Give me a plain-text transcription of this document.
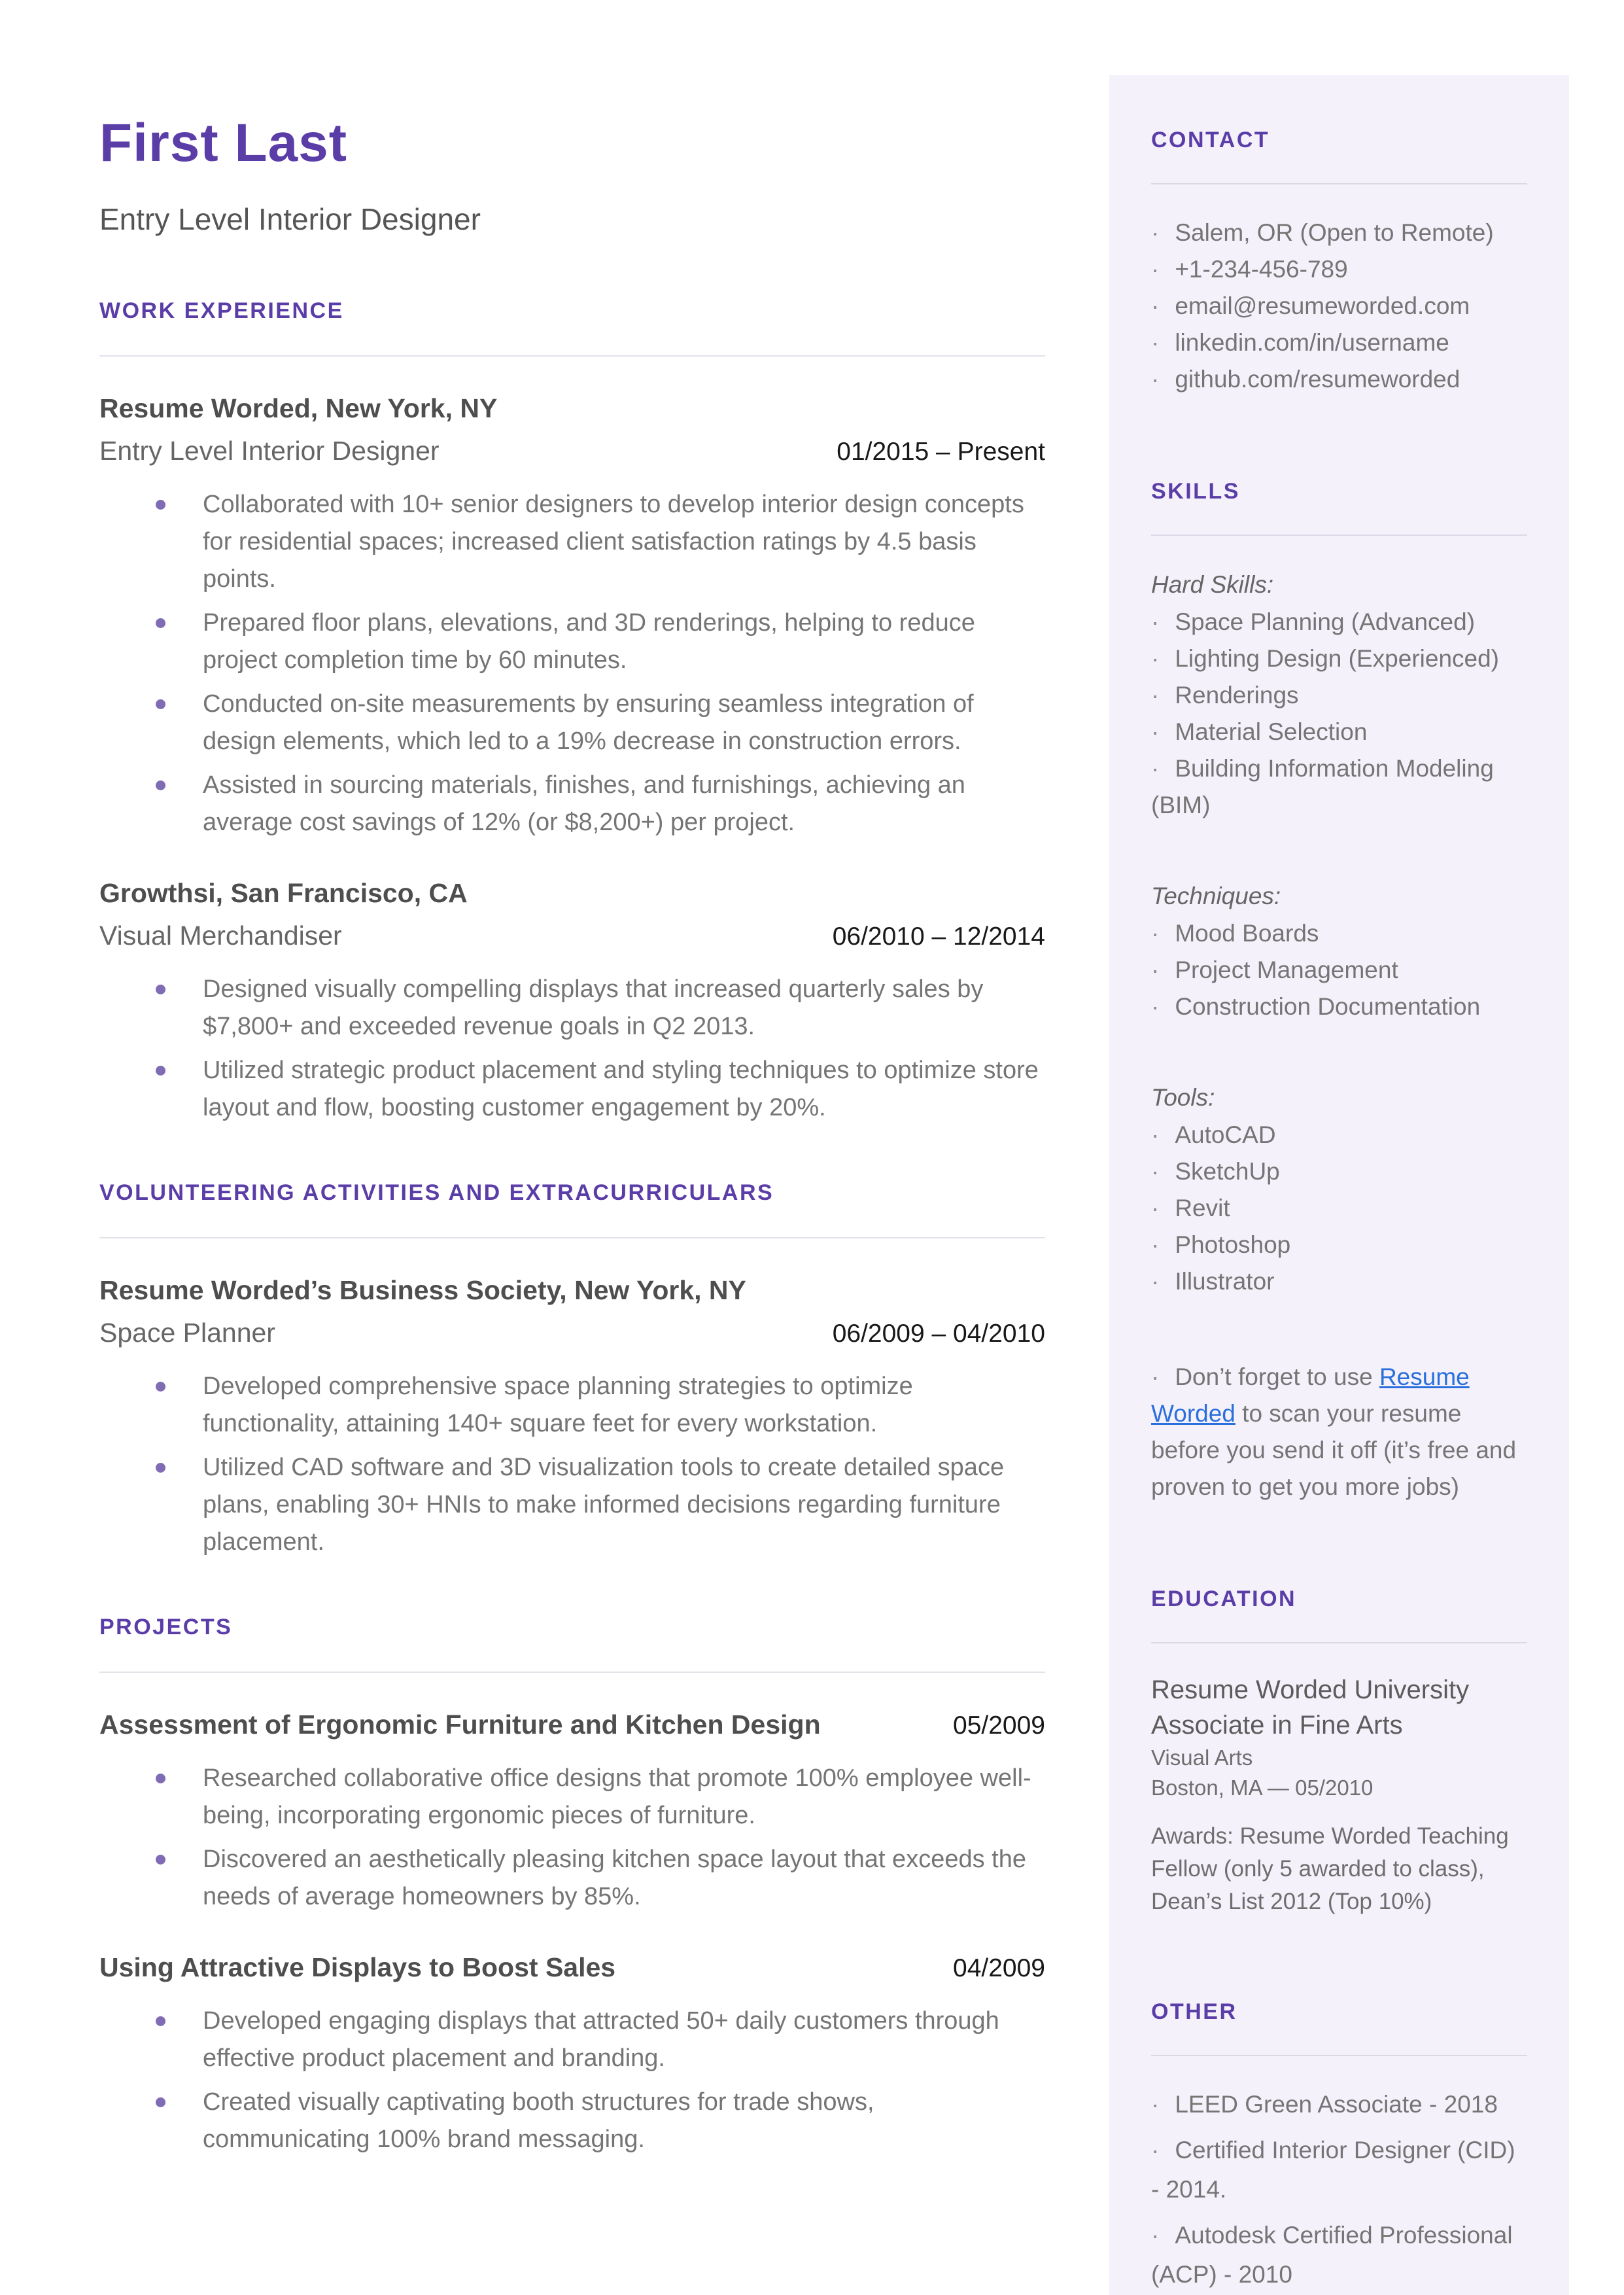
CONTACT
· Salem, OR (Open to Remote)
· +1-234-456-789
· email@resumeworded.com
· linkedin.com/in/username
· github.com/resumeworded
SKILLS
Hard Skills:
· Space Planning (Advanced)
· Lighting Design (Experienced)
· Renderings
· Material Selection
· Building Information Modeling (BIM)
Techniques:
· Mood Boards
· Project Management
· Construction Documentation
Tools:
· AutoCAD
· SketchUp
· Revit
· Photoshop
· Illustrator
· Don’t forget to use Resume Worded to scan your resume before you send it off (it’s free and proven to get you more jobs)
EDUCATION
Resume Worded University
Associate in Fine Arts
Visual Arts
Boston, MA — 05/2010
Awards: Resume Worded Teaching Fellow (only 5 awarded to class), Dean’s List 2012 (Top 10%)
OTHER
· LEED Green Associate - 2018
· Certified Interior Designer (CID) - 2014.
· Autodesk Certified Professional (ACP) - 2010
First Last
Entry Level Interior Designer
WORK EXPERIENCE
Resume Worded, New York, NY
Entry Level Interior Designer	01/2015 – Present
Collaborated with 10+ senior designers to develop interior design concepts for residential spaces; increased client satisfaction ratings by 4.5 basis points.
Prepared floor plans, elevations, and 3D renderings, helping to reduce project completion time by 60 minutes.
Conducted on-site measurements by ensuring seamless integration of design elements, which led to a 19% decrease in construction errors.
Assisted in sourcing materials, finishes, and furnishings, achieving an average cost savings of 12% (or $8,200+) per project.
Growthsi, San Francisco, CA
Visual Merchandiser	06/2010 – 12/2014
Designed visually compelling displays that increased quarterly sales by $7,800+ and exceeded revenue goals in Q2 2013.
Utilized strategic product placement and styling techniques to optimize store layout and flow, boosting customer engagement by 20%.
VOLUNTEERING ACTIVITIES AND EXTRACURRICULARS
Resume Worded’s Business Society, New York, NY
Space Planner	06/2009 – 04/2010
Developed comprehensive space planning strategies to optimize functionality, attaining 140+ square feet for every workstation.
Utilized CAD software and 3D visualization tools to create detailed space plans, enabling 30+ HNIs to make informed decisions regarding furniture placement.
PROJECTS
Assessment of Ergonomic Furniture and Kitchen Design	05/2009
Researched collaborative office designs that promote 100% employee well-being, incorporating ergonomic pieces of furniture.
Discovered an aesthetically pleasing kitchen space layout that exceeds the needs of average homeowners by 85%.
Using Attractive Displays to Boost Sales	04/2009
Developed engaging displays that attracted 50+ daily customers through effective product placement and branding.
Created visually captivating booth structures for trade shows, communicating 100% brand messaging.
